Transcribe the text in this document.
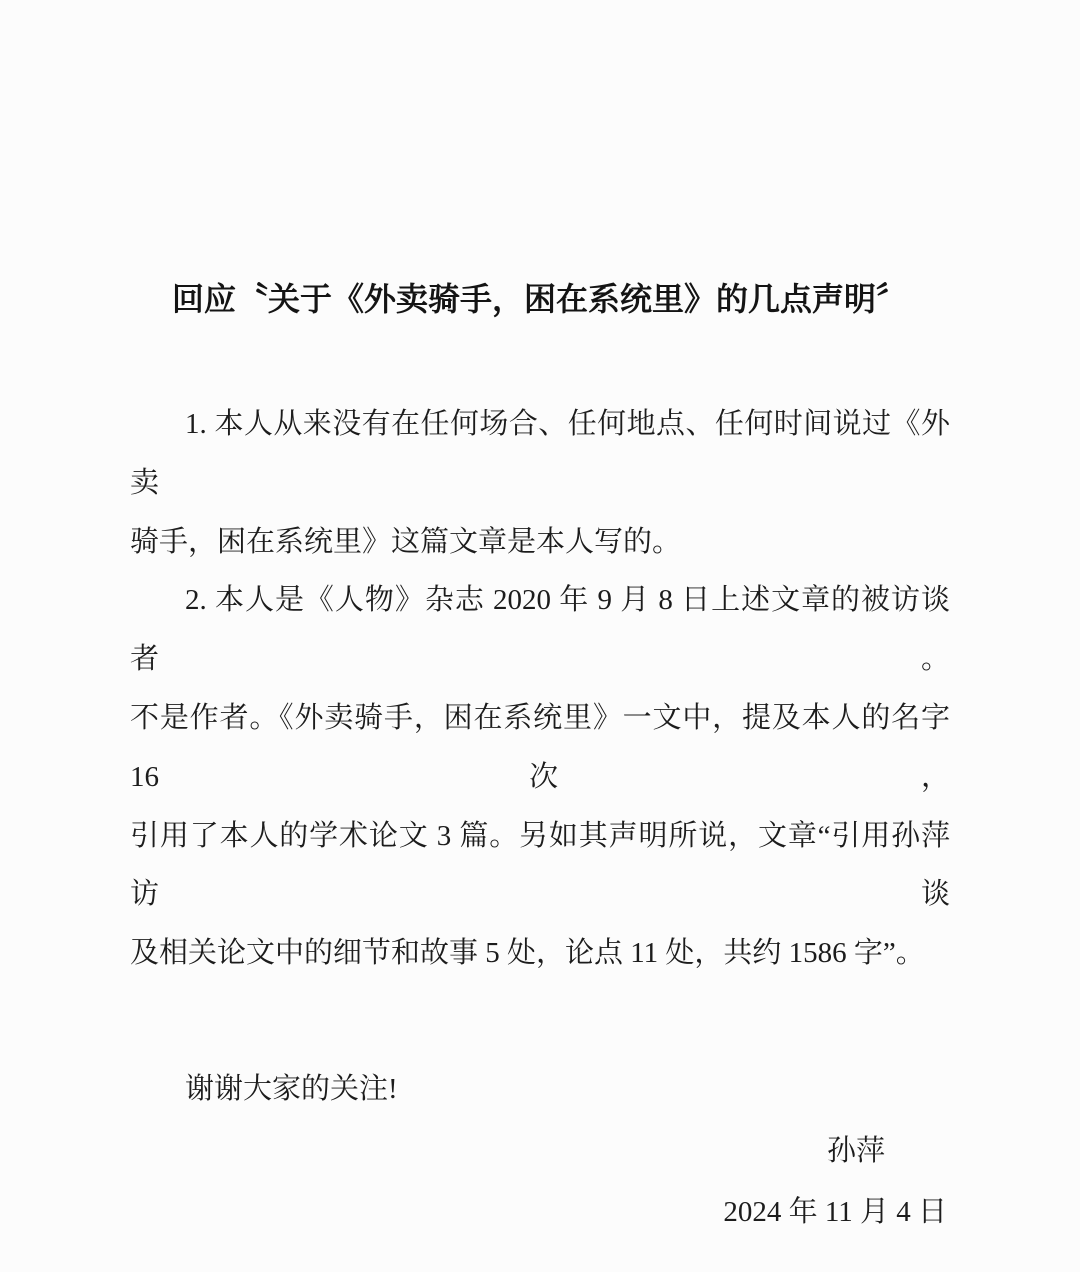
回应〝关于《外卖骑手，困在系统里》的几点声明〞
1. 本人从来没有在任何场合、任何地点、任何时间说过《外卖
骑手，困在系统里》这篇文章是本人写的。
2. 本人是《人物》杂志 2020 年 9 月 8 日上述文章的被访谈者。
不是作者。《外卖骑手，困在系统里》一文中，提及本人的名字 16 次，
引用了本人的学术论文 3 篇。另如其声明所说，文章“引用孙萍访谈
及相关论文中的细节和故事 5 处，论点 11 处，共约 1586 字”。
谢谢大家的关注!
孙萍
2024 年 11 月 4 日
